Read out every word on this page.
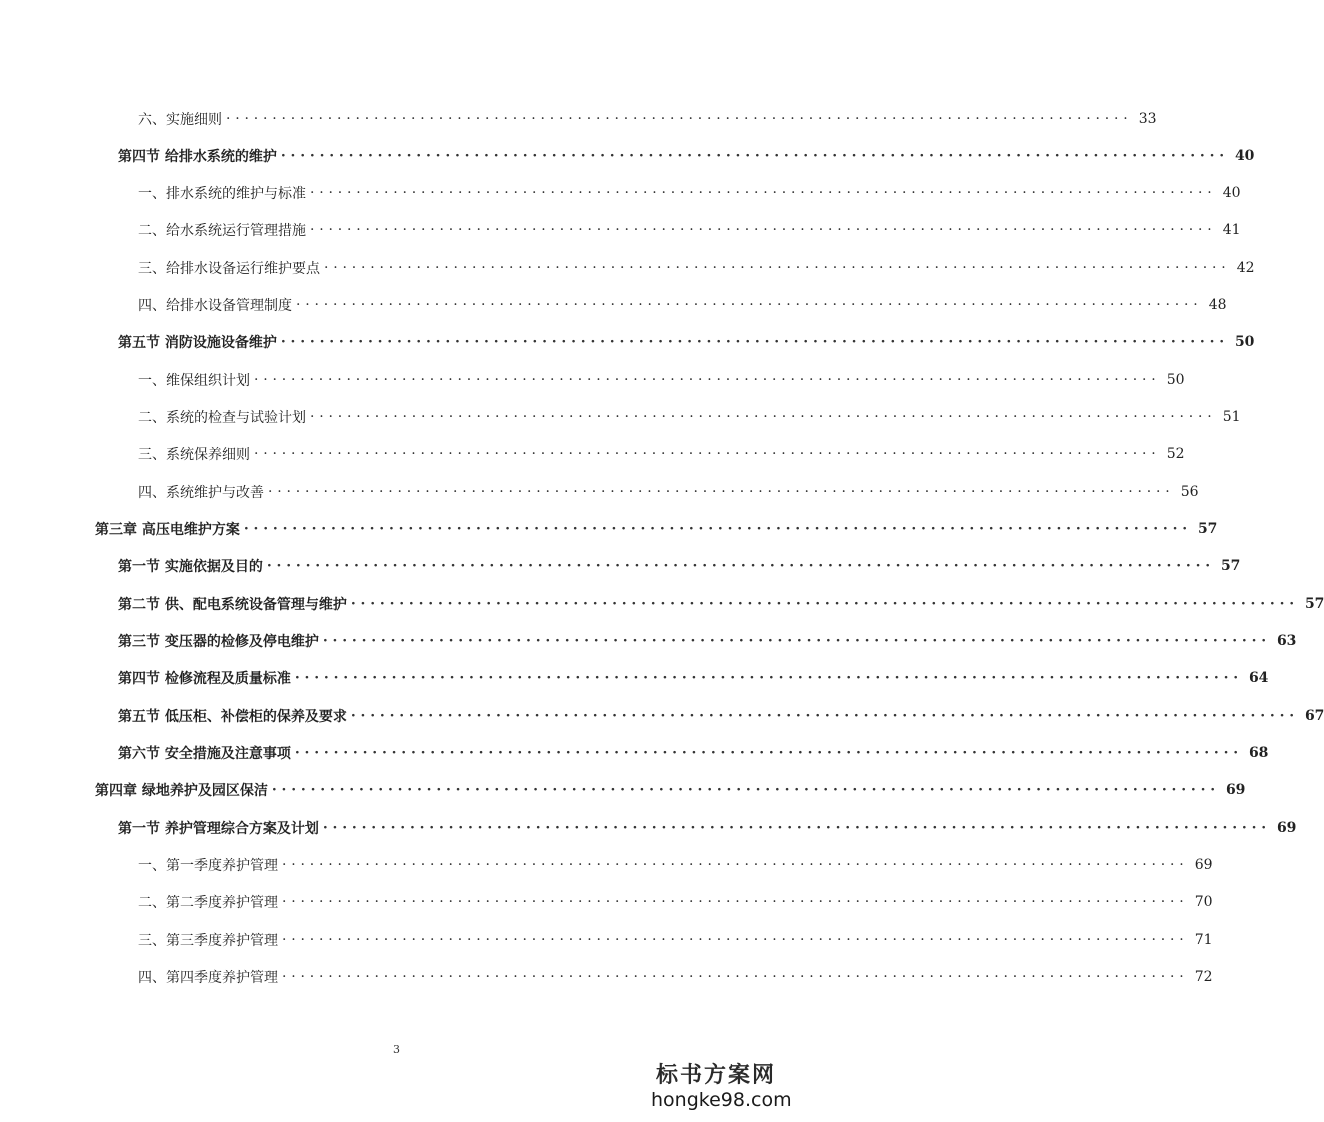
六、实施细则 ·································································································· 33
第四节 给排水系统的维护 ·································································································· 40
一、排水系统的维护与标准 ·································································································· 40
二、给水系统运行管理措施 ·································································································· 41
三、给排水设备运行维护要点 ·································································································· 42
四、给排水设备管理制度 ·································································································· 48
第五节 消防设施设备维护 ·································································································· 50
一、维保组织计划 ·································································································· 50
二、系统的检查与试验计划 ·································································································· 51
三、系统保养细则 ·································································································· 52
四、系统维护与改善 ·································································································· 56
第三章 高压电维护方案 ·································································································· 57
第一节 实施依据及目的 ·································································································· 57
第二节 供、配电系统设备管理与维护 ·································································································· 57
第三节 变压器的检修及停电维护 ·································································································· 63
第四节 检修流程及质量标准 ·································································································· 64
第五节 低压柜、补偿柜的保养及要求 ·································································································· 67
第六节 安全措施及注意事项 ·································································································· 68
第四章 绿地养护及园区保洁 ·································································································· 69
第一节 养护管理综合方案及计划 ·································································································· 69
一、第一季度养护管理 ·································································································· 69
二、第二季度养护管理 ·································································································· 70
三、第三季度养护管理 ·································································································· 71
四、第四季度养护管理 ·································································································· 72
3
标书方案网
hongke98.com
